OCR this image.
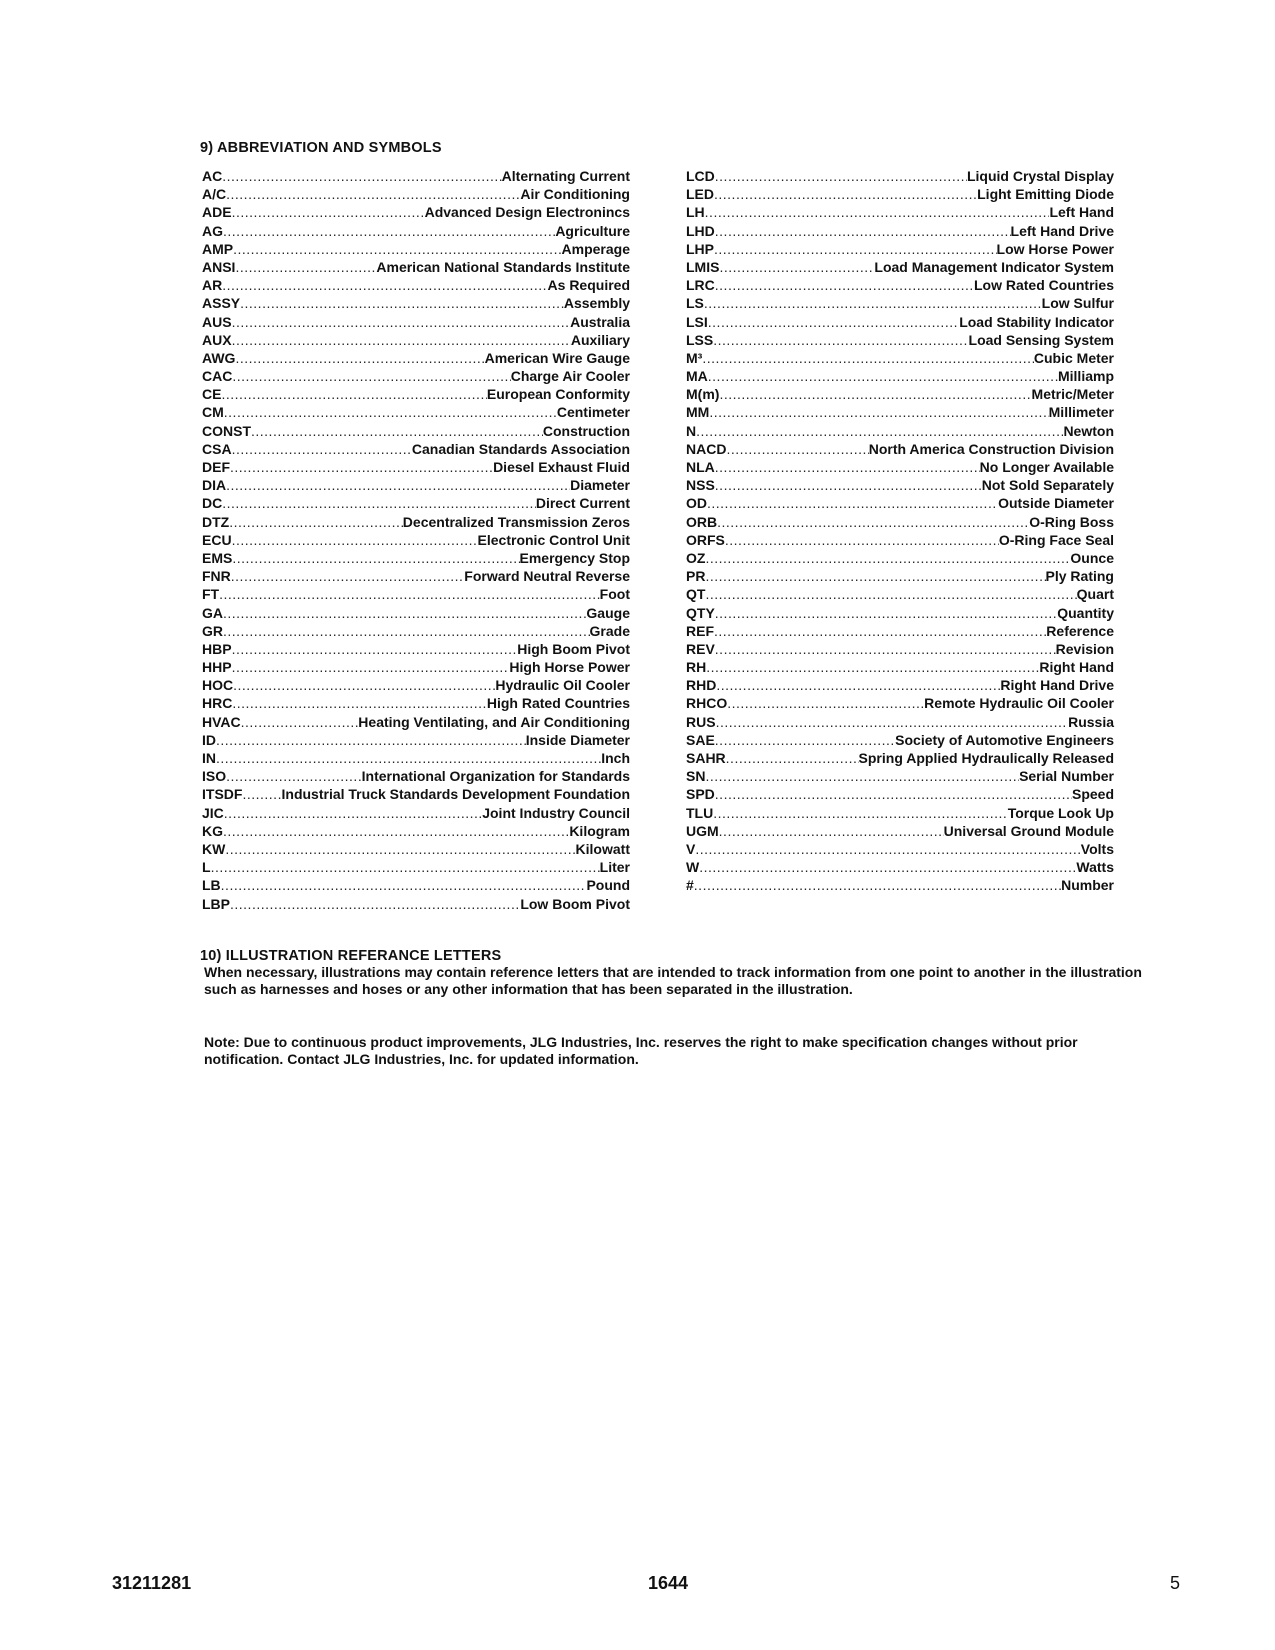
9) ABBREVIATION AND SYMBOLS
AC .....	Alternating Current
A/C .....	Air Conditioning
ADE .....	Advanced Design Electronincs
AG .....	Agriculture
AMP .....	Amperage
ANSI .....	American National Standards Institute
AR .....	As Required
ASSY .....	Assembly
AUS .....	Australia
AUX .....	Auxiliary
AWG .....	American Wire Gauge
CAC .....	Charge Air Cooler
CE .....	European Conformity
CM .....	Centimeter
CONST .....	Construction
CSA .....	Canadian Standards Association
DEF .....	Diesel Exhaust Fluid
DIA .....	Diameter
DC .....	Direct Current
DTZ .....	Decentralized Transmission Zeros
ECU .....	Electronic Control Unit
EMS .....	Emergency Stop
FNR .....	Forward Neutral Reverse
FT .....	Foot
GA .....	Gauge
GR .....	Grade
HBP .....	High Boom Pivot
HHP .....	High Horse Power
HOC .....	Hydraulic Oil Cooler
HRC .....	High Rated Countries
HVAC .....	Heating Ventilating, and Air Conditioning
ID .....	Inside Diameter
IN .....	Inch
ISO .....	International Organization for Standards
ITSDF .....	Industrial Truck Standards Development Foundation
JIC .....	Joint Industry Council
KG .....	Kilogram
KW .....	Kilowatt
L .....	Liter
LB .....	Pound
LBP .....	Low Boom Pivot
LCD .....	Liquid Crystal Display
LED .....	Light Emitting Diode
LH .....	Left Hand
LHD .....	Left Hand Drive
LHP .....	Low Horse Power
LMIS .....	Load Management Indicator System
LRC .....	Low Rated Countries
LS .....	Low Sulfur
LSI .....	Load Stability Indicator
LSS .....	Load Sensing System
M³ .....	Cubic Meter
MA .....	Milliamp
M(m) .....	Metric/Meter
MM .....	Millimeter
N .....	Newton
NACD .....	North America Construction Division
NLA .....	No Longer Available
NSS .....	Not Sold Separately
OD .....	Outside Diameter
ORB .....	O-Ring Boss
ORFS .....	O-Ring Face Seal
OZ .....	Ounce
PR .....	Ply Rating
QT .....	Quart
QTY .....	Quantity
REF .....	Reference
REV .....	Revision
RH .....	Right Hand
RHD .....	Right Hand Drive
RHCO .....	Remote Hydraulic Oil Cooler
RUS .....	Russia
SAE .....	Society of Automotive Engineers
SAHR .....	Spring Applied Hydraulically Released
SN .....	Serial Number
SPD .....	Speed
TLU .....	Torque Look Up
UGM .....	Universal Ground Module
V .....	Volts
W .....	Watts
# .....	Number
10) ILLUSTRATION REFERANCE LETTERS

When necessary, illustrations may contain reference letters that are intended to track information from one point to another in the illustration such as harnesses and hoses or any other information that has been separated in the illustration.

Note: Due to continuous product improvements, JLG Industries, Inc. reserves the right to make specification changes without prior notification. Contact JLG Industries, Inc. for updated information.

31211281	1644	5
